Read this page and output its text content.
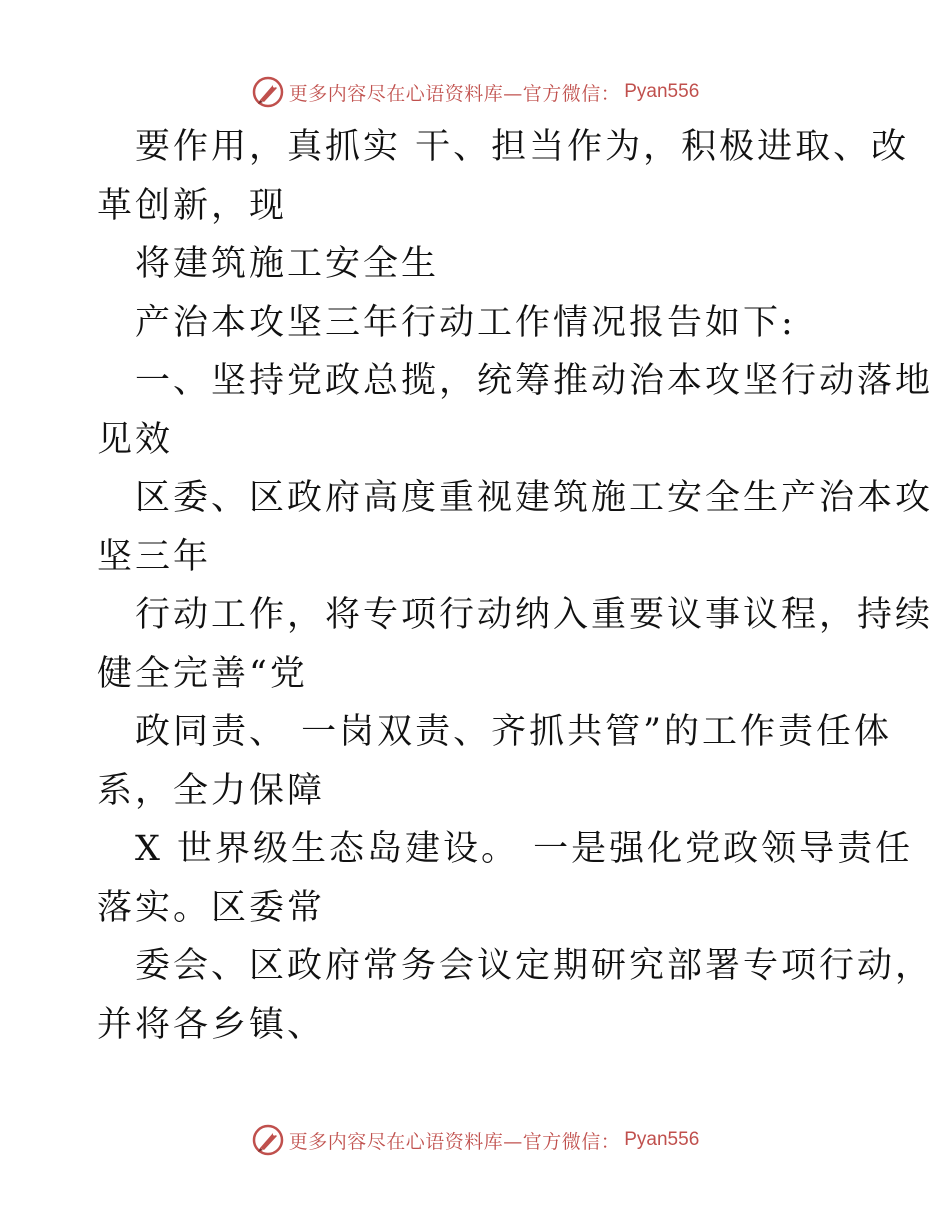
更多内容尽在心语资料库—官方微信： Pyan556
要作用，真抓实 干、担当作为，积极进取、改
革创新，现
将建筑施工安全生
产治本攻坚三年行动工作情况报告如下:
一、坚持党政总揽，统筹推动治本攻坚行动落地
见效
区委、区政府高度重视建筑施工安全生产治本攻
坚三年
行动工作，将专项行动纳入重要议事议程，持续
健全完善“党
政同责、 一岗双责、齐抓共管”的工作责任体
系，全力保障
X 世界级生态岛建设。 一是强化党政领导责任
落实。区委常
委会、区政府常务会议定期研究部署专项行动，
并将各乡镇、
更多内容尽在心语资料库—官方微信： Pyan556
